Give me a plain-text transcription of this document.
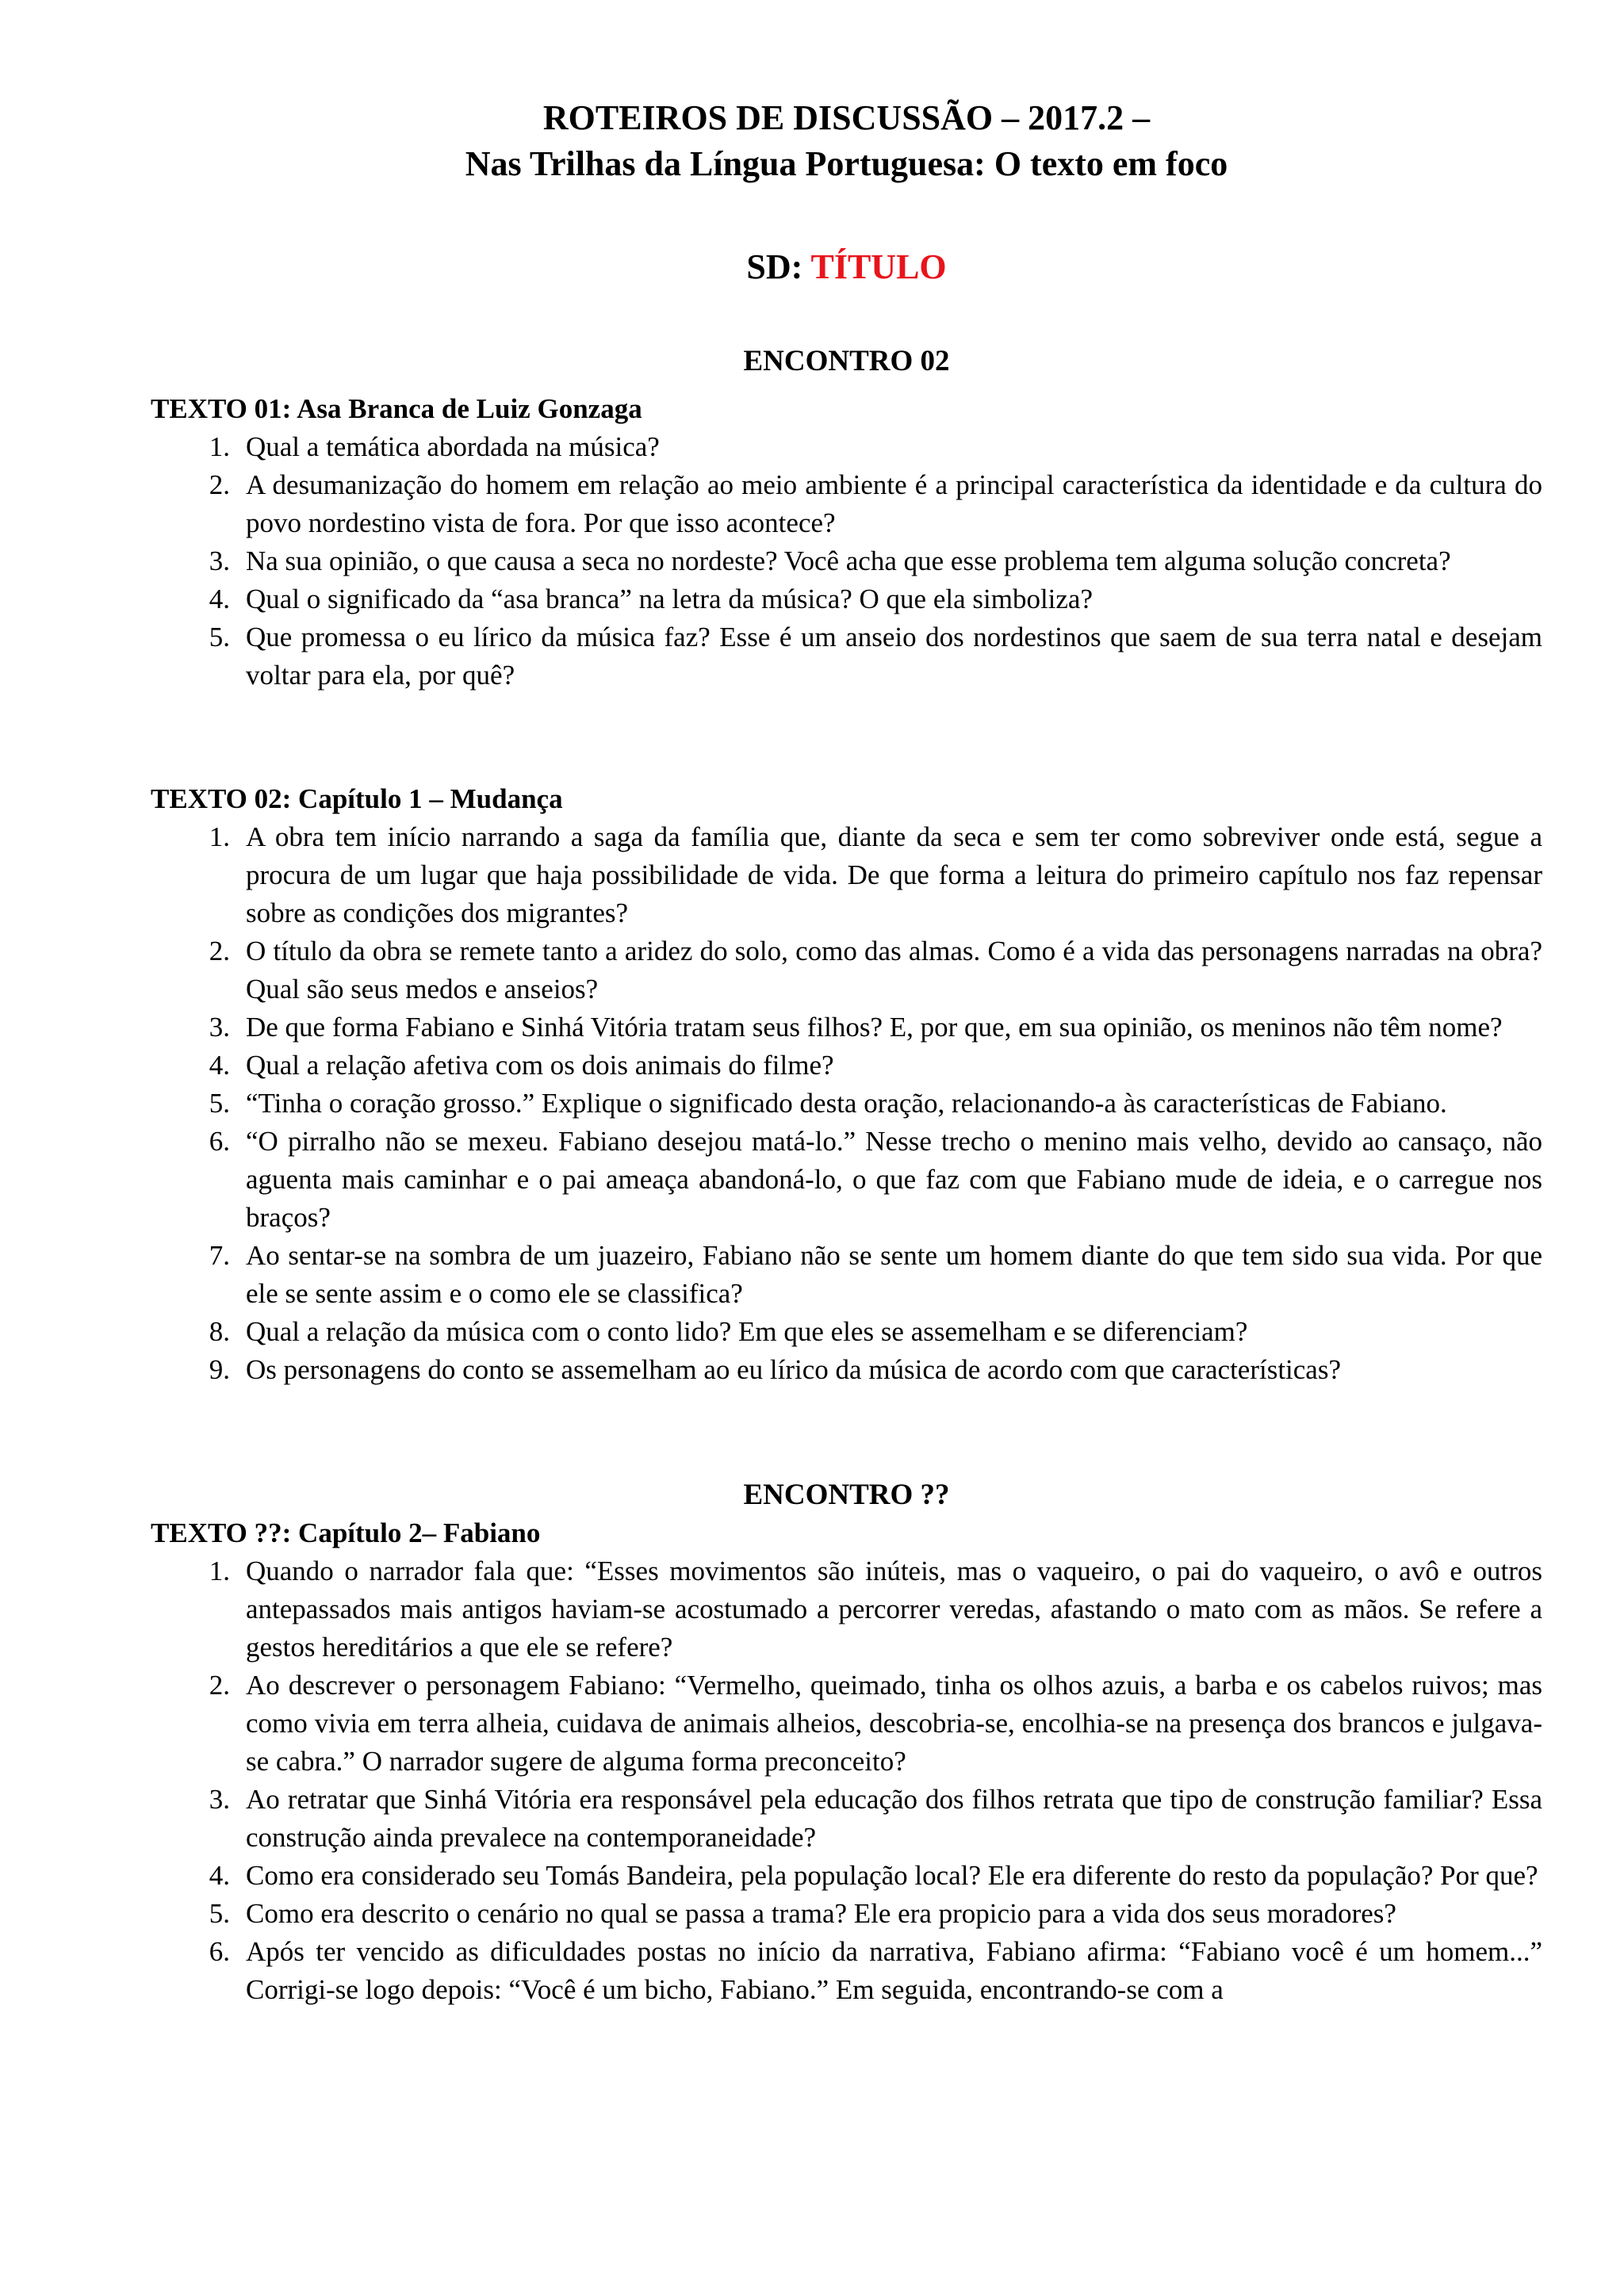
ROTEIROS DE DISCUSSÃO – 2017.2 –

Nas Trilhas da Língua Portuguesa: O texto em foco

SD: TÍTULO

ENCONTRO 02

TEXTO 01: Asa Branca de Luiz Gonzaga

1. Qual a temática abordada na música?
2. A desumanização do homem em relação ao meio ambiente é a principal característica da identidade e da cultura do povo nordestino vista de fora. Por que isso acontece?
3. Na sua opinião, o que causa a seca no nordeste? Você acha que esse problema tem alguma solução concreta?
4. Qual o significado da “asa branca” na letra da música? O que ela simboliza?
5. Que promessa o eu lírico da música faz? Esse é um anseio dos nordestinos que saem de sua terra natal e desejam voltar para ela, por quê?

TEXTO 02: Capítulo 1 – Mudança

1. A obra tem início narrando a saga da família que, diante da seca e sem ter como sobreviver onde está, segue a procura de um lugar que haja possibilidade de vida. De que forma a leitura do primeiro capítulo nos faz repensar sobre as condições dos migrantes?
2. O título da obra se remete tanto a aridez do solo, como das almas. Como é a vida das personagens narradas na obra? Qual são seus medos e anseios?
3. De que forma Fabiano e Sinhá Vitória tratam seus filhos? E, por que, em sua opinião, os meninos não têm nome?
4. Qual a relação afetiva com os dois animais do filme?
5. “Tinha o coração grosso.” Explique o significado desta oração, relacionando-a às características de Fabiano.
6. “O pirralho não se mexeu. Fabiano desejou matá-lo.” Nesse trecho o menino mais velho, devido ao cansaço, não aguenta mais caminhar e o pai ameaça abandoná-lo, o que faz com que Fabiano mude de ideia, e o carregue nos braços?
7. Ao sentar-se na sombra de um juazeiro, Fabiano não se sente um homem diante do que tem sido sua vida. Por que ele se sente assim e o como ele se classifica?
8. Qual a relação da música com o conto lido? Em que eles se assemelham e se diferenciam?
9. Os personagens do conto se assemelham ao eu lírico da música de acordo com que características?

ENCONTRO ??

TEXTO ??: Capítulo 2– Fabiano

1. Quando o narrador fala que: “Esses movimentos são inúteis, mas o vaqueiro, o pai do vaqueiro, o avô e outros antepassados mais antigos haviam-se acostumado a percorrer veredas, afastando o mato com as mãos. Se refere a gestos hereditários a que ele se refere?
2. Ao descrever o personagem Fabiano: “Vermelho, queimado, tinha os olhos azuis, a barba e os cabelos ruivos; mas como vivia em terra alheia, cuidava de animais alheios, descobria-se, encolhia-se na presença dos brancos e julgava-se cabra.” O narrador sugere de alguma forma preconceito?
3. Ao retratar que Sinhá Vitória era responsável pela educação dos filhos retrata que tipo de construção familiar? Essa construção ainda prevalece na contemporaneidade?
4. Como era considerado seu Tomás Bandeira, pela população local? Ele era diferente do resto da população? Por que?
5. Como era descrito o cenário no qual se passa a trama? Ele era propicio para a vida dos seus moradores?
6. Após ter vencido as dificuldades postas no início da narrativa, Fabiano afirma: “Fabiano você é um homem...” Corrigi-se logo depois: “Você é um bicho, Fabiano.” Em seguida, encontrando-se com a
